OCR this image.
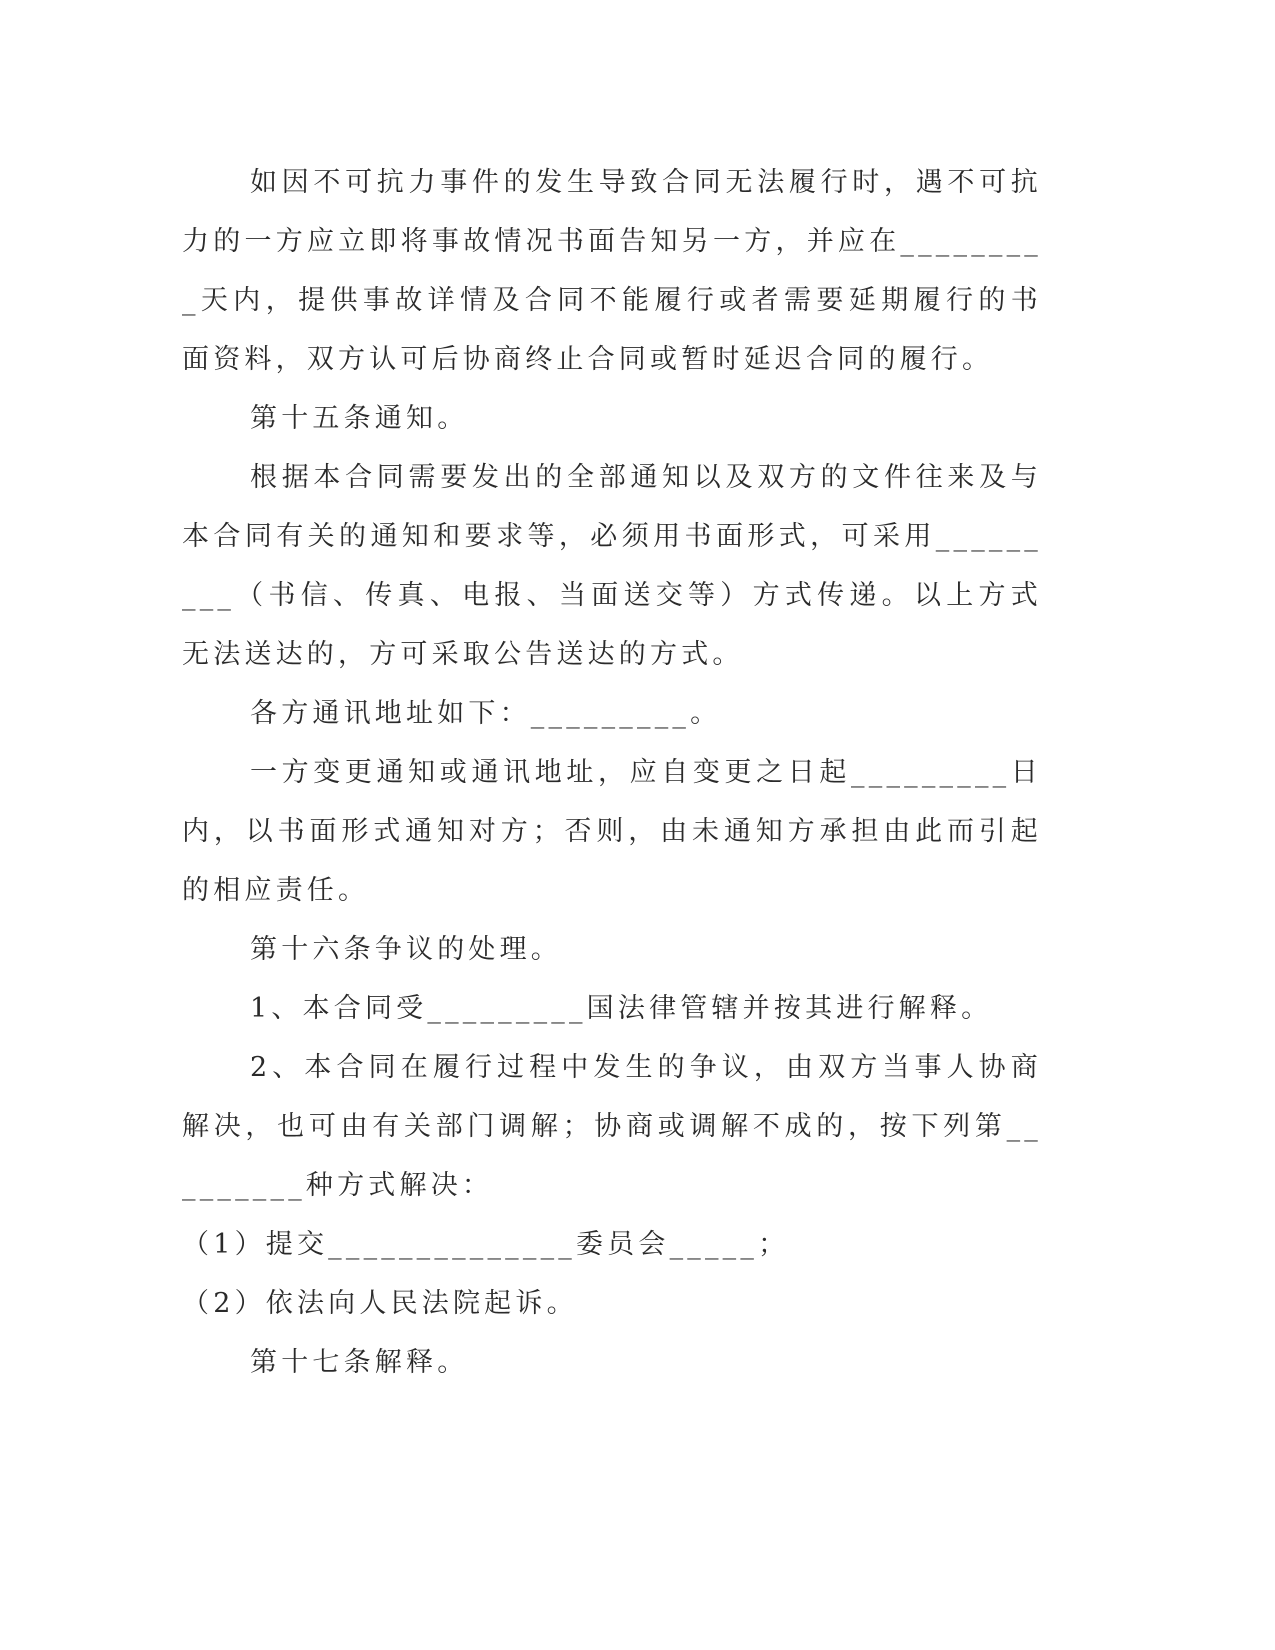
如因不可抗力事件的发生导致合同无法履行时，遇不可抗力的一方应立即将事故情况书面告知另一方，并应在_________天内，提供事故详情及合同不能履行或者需要延期履行的书面资料，双方认可后协商终止合同或暂时延迟合同的履行。

第十五条通知。

根据本合同需要发出的全部通知以及双方的文件往来及与本合同有关的通知和要求等，必须用书面形式，可采用_________（书信、传真、电报、当面送交等）方式传递。以上方式无法送达的，方可采取公告送达的方式。

各方通讯地址如下：_________。

一方变更通知或通讯地址，应自变更之日起_________日内，以书面形式通知对方；否则，由未通知方承担由此而引起的相应责任。

第十六条争议的处理。

1、本合同受_________国法律管辖并按其进行解释。

2、本合同在履行过程中发生的争议，由双方当事人协商解决，也可由有关部门调解；协商或调解不成的，按下列第_________种方式解决：

（1）提交______________委员会_____；

（2）依法向人民法院起诉。

第十七条解释。
